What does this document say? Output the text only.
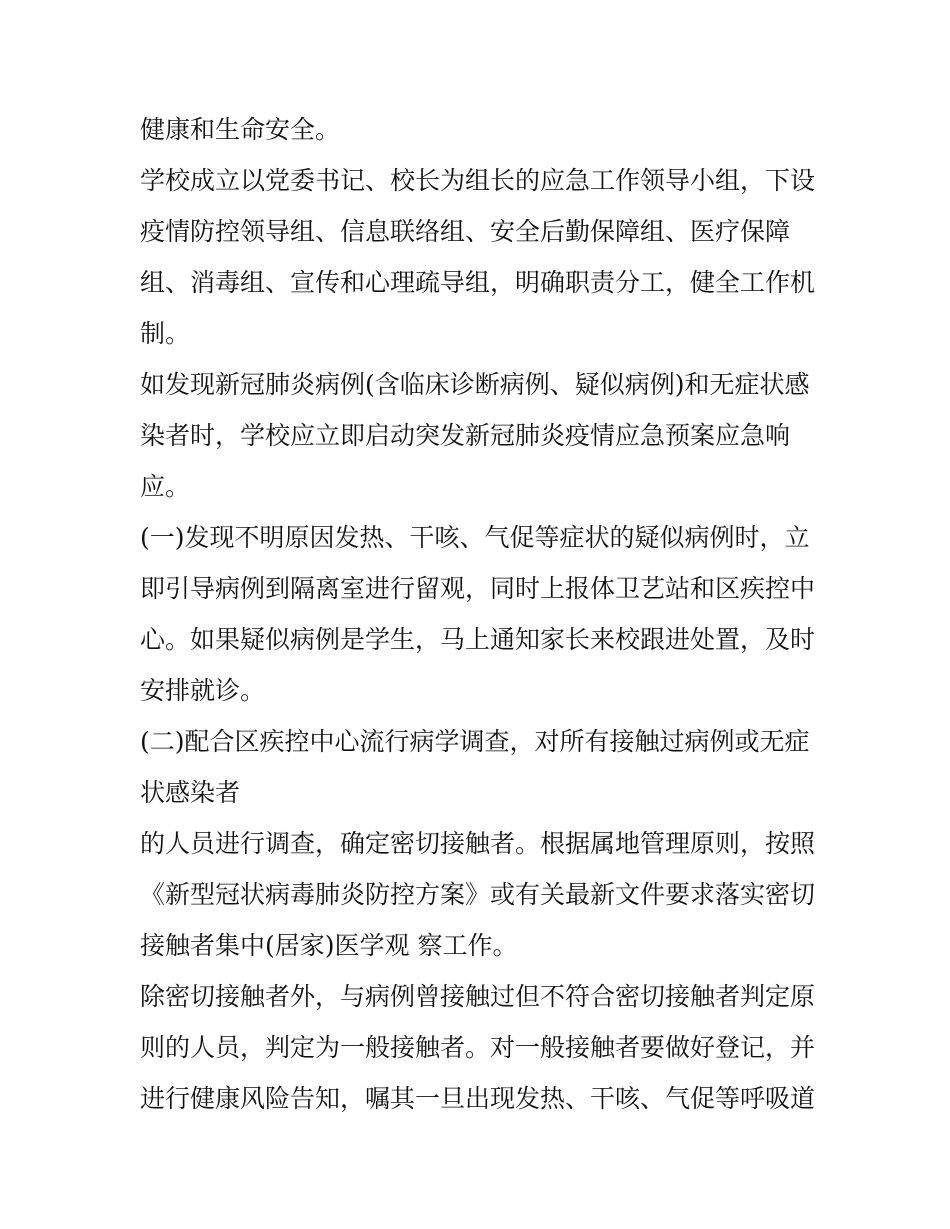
健康和生命安全。
学校成立以党委书记、校长为组长的应急工作领导小组，下设
疫情防控领导组、信息联络组、安全后勤保障组、医疗保障
组、消毒组、宣传和心理疏导组，明确职责分工，健全工作机
制。
如发现新冠肺炎病例(含临床诊断病例、疑似病例)和无症状感
染者时，学校应立即启动突发新冠肺炎疫情应急预案应急响
应。
(一)发现不明原因发热、干咳、气促等症状的疑似病例时，立
即引导病例到隔离室进行留观，同时上报体卫艺站和区疾控中
心。如果疑似病例是学生，马上通知家长来校跟进处置，及时
安排就诊。
(二)配合区疾控中心流行病学调查，对所有接触过病例或无症
状感染者
的人员进行调查，确定密切接触者。根据属地管理原则，按照
《新型冠状病毒肺炎防控方案》或有关最新文件要求落实密切
接触者集中(居家)医学观 察工作。
除密切接触者外，与病例曾接触过但不符合密切接触者判定原
则的人员，判定为一般接触者。对一般接触者要做好登记，并
进行健康风险告知，嘱其一旦出现发热、干咳、气促等呼吸道
